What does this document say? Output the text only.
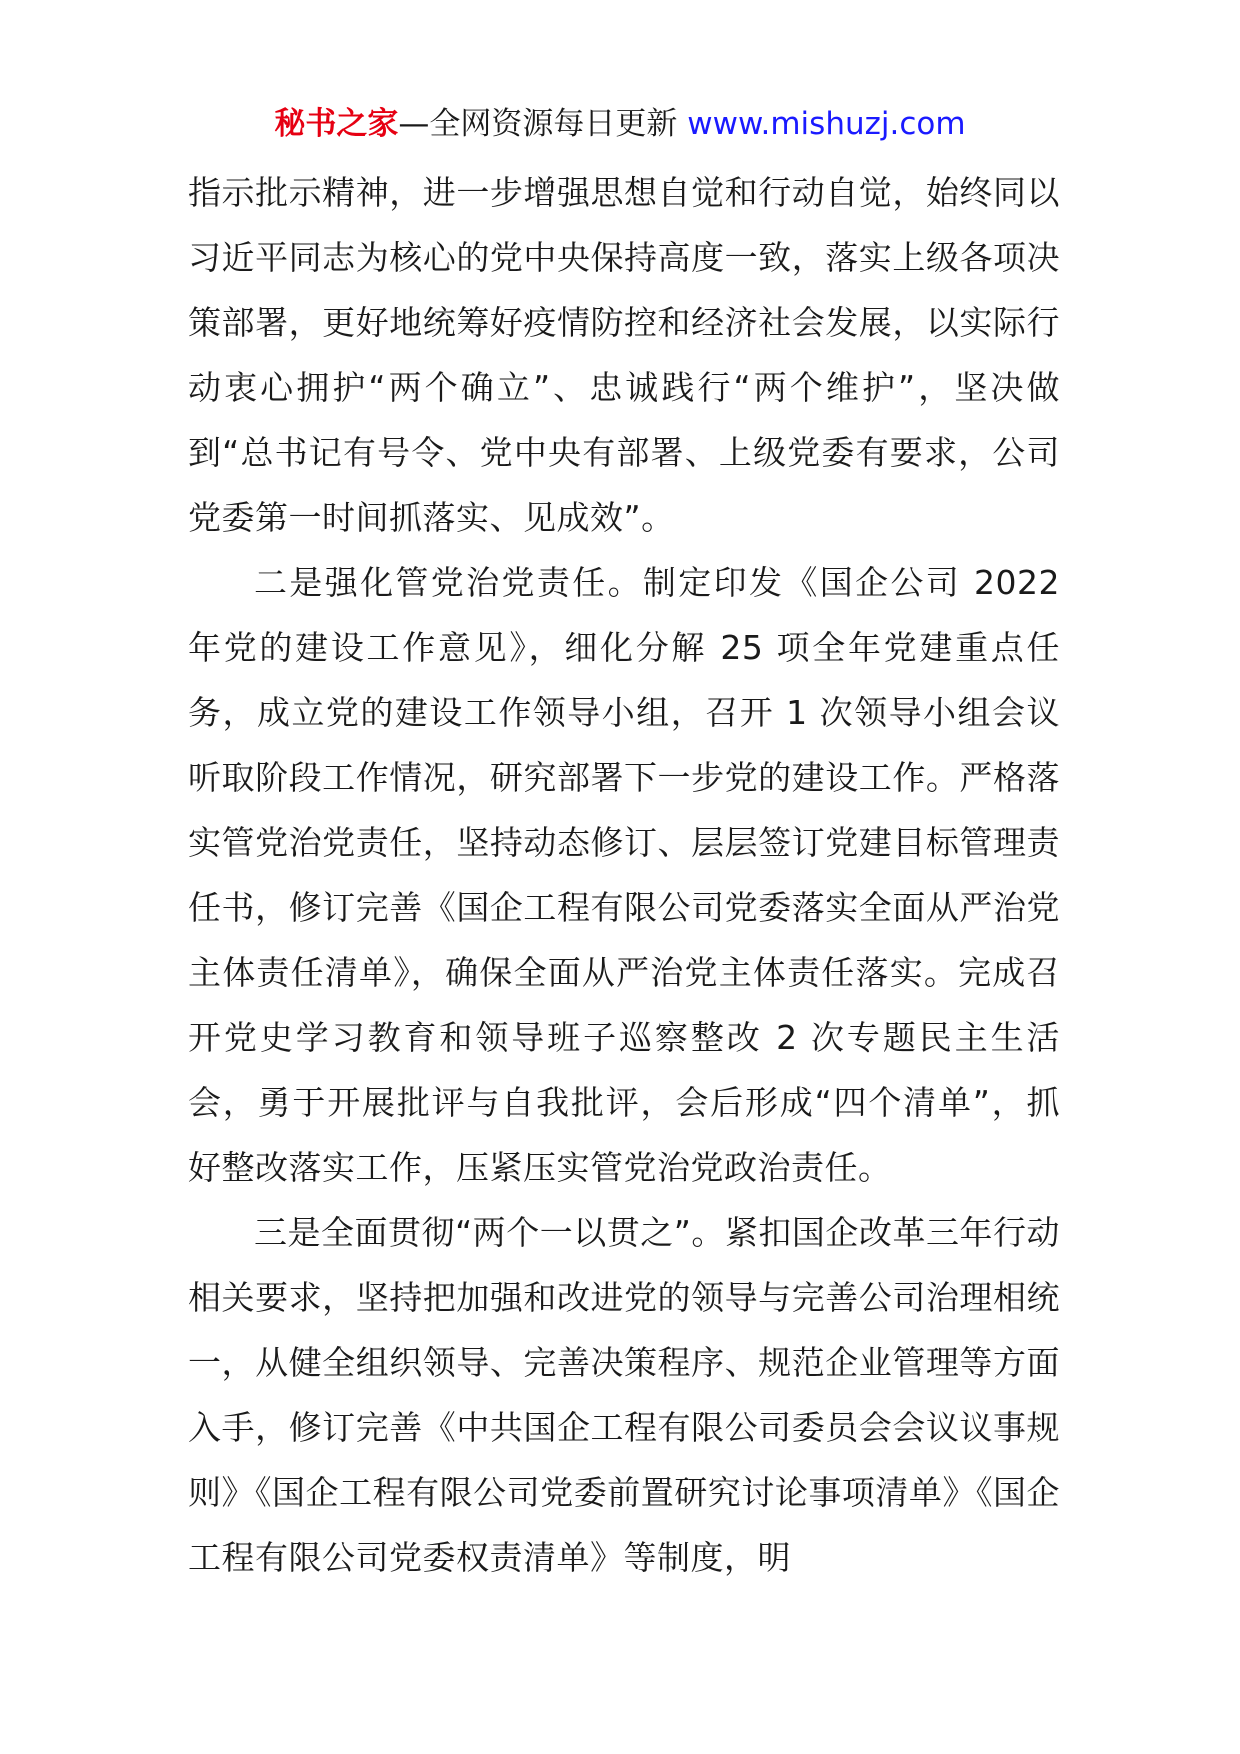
秘书之家—全网资源每日更新 www.mishuzj.com

指示批示精神，进一步增强思想自觉和行动自觉，始终同以习近平同志为核心的党中央保持高度一致，落实上级各项决策部署，更好地统筹好疫情防控和经济社会发展，以实际行动衷心拥护“两个确立”、忠诚践行“两个维护”，坚决做到“总书记有号令、党中央有部署、上级党委有要求，公司党委第一时间抓落实、见成效”。

二是强化管党治党责任。制定印发《国企公司 2022 年党的建设工作意见》，细化分解 25 项全年党建重点任务，成立党的建设工作领导小组，召开 1 次领导小组会议听取阶段工作情况，研究部署下一步党的建设工作。严格落实管党治党责任，坚持动态修订、层层签订党建目标管理责任书，修订完善《国企工程有限公司党委落实全面从严治党主体责任清单》，确保全面从严治党主体责任落实。完成召开党史学习教育和领导班子巡察整改 2 次专题民主生活会，勇于开展批评与自我批评，会后形成“四个清单”，抓好整改落实工作，压紧压实管党治党政治责任。

三是全面贯彻“两个一以贯之”。紧扣国企改革三年行动相关要求，坚持把加强和改进党的领导与完善公司治理相统一，从健全组织领导、完善决策程序、规范企业管理等方面入手，修订完善《中共国企工程有限公司委员会会议议事规则》《国企工程有限公司党委前置研究讨论事项清单》《国企工程有限公司党委权责清单》等制度，明
